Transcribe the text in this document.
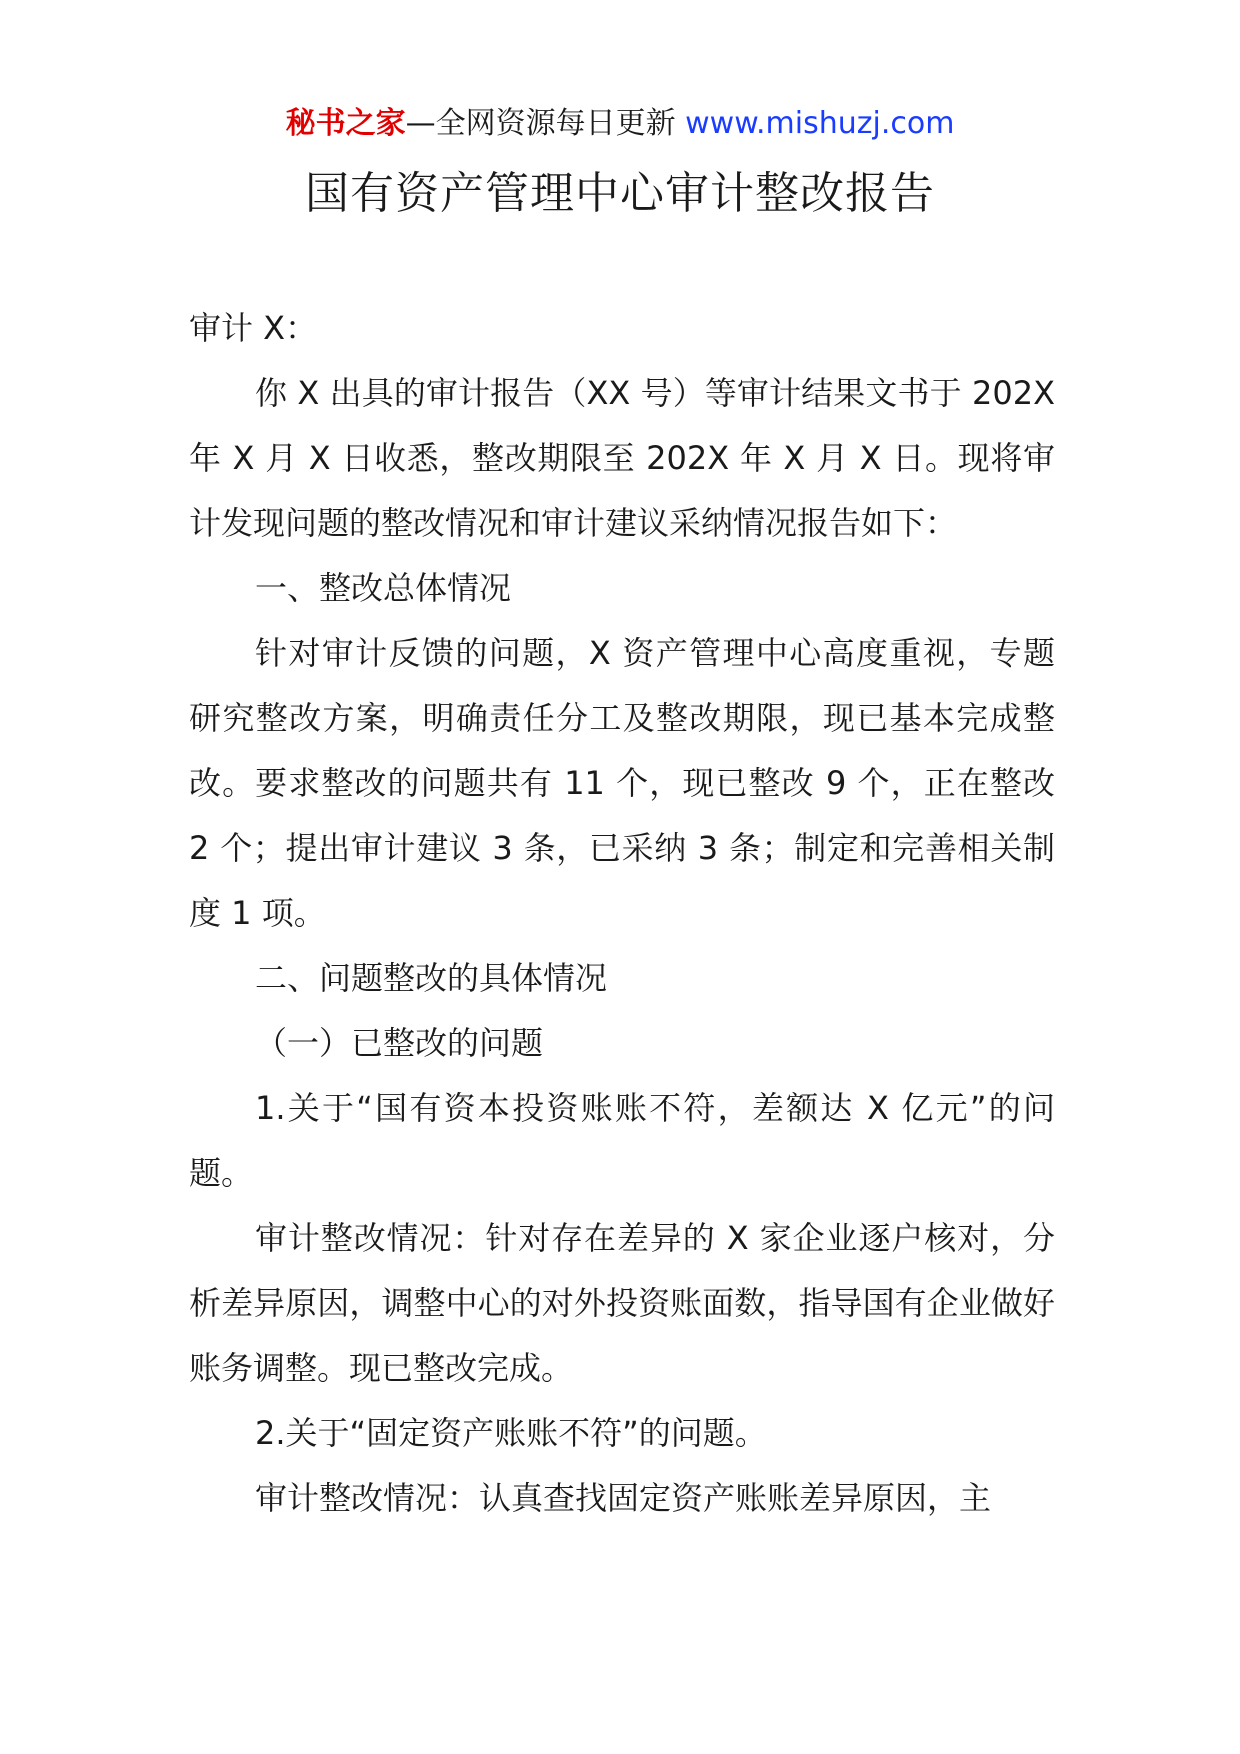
秘书之家—全网资源每日更新 www.mishuzj.com
国有资产管理中心审计整改报告

审计 X：

你 X 出具的审计报告（XX 号）等审计结果文书于 202X 年 X 月 X 日收悉，整改期限至 202X 年 X 月 X 日。现将审计发现问题的整改情况和审计建议采纳情况报告如下：

一、整改总体情况

针对审计反馈的问题，X 资产管理中心高度重视，专题研究整改方案，明确责任分工及整改期限，现已基本完成整改。要求整改的问题共有 11 个，现已整改 9 个，正在整改 2 个；提出审计建议 3 条，已采纳 3 条；制定和完善相关制度 1 项。

二、问题整改的具体情况

（一）已整改的问题

1.关于“国有资本投资账账不符，差额达 X 亿元”的问题。

审计整改情况：针对存在差异的 X 家企业逐户核对，分析差异原因，调整中心的对外投资账面数，指导国有企业做好账务调整。现已整改完成。

2.关于“固定资产账账不符”的问题。

审计整改情况：认真查找固定资产账账差异原因，主
